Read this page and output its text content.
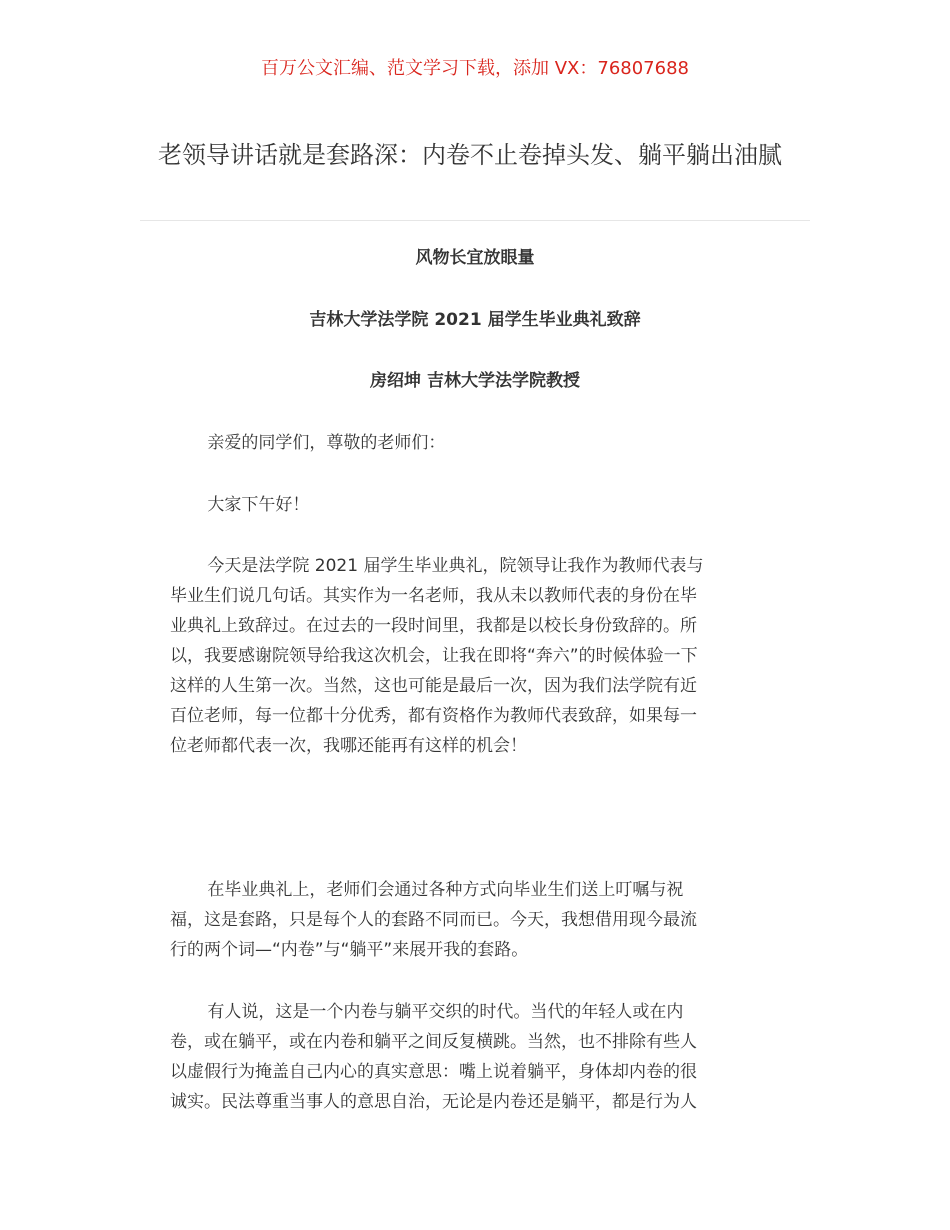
百万公文汇编、范文学习下载，添加 VX：76807688
老领导讲话就是套路深：内卷不止卷掉头发、躺平躺出油腻
风物长宜放眼量
吉林大学法学院 2021 届学生毕业典礼致辞
房绍坤 吉林大学法学院教授

亲爱的同学们，尊敬的老师们：

大家下午好！

今天是法学院 2021 届学生毕业典礼，院领导让我作为教师代表与
毕业生们说几句话。其实作为一名老师，我从未以教师代表的身份在毕
业典礼上致辞过。在过去的一段时间里，我都是以校长身份致辞的。所
以，我要感谢院领导给我这次机会，让我在即将“奔六”的时候体验一下
这样的人生第一次。当然，这也可能是最后一次，因为我们法学院有近
百位老师，每一位都十分优秀，都有资格作为教师代表致辞，如果每一
位老师都代表一次，我哪还能再有这样的机会！

在毕业典礼上，老师们会通过各种方式向毕业生们送上叮嘱与祝
福，这是套路，只是每个人的套路不同而已。今天，我想借用现今最流
行的两个词—“内卷”与“躺平”来展开我的套路。

有人说，这是一个内卷与躺平交织的时代。当代的年轻人或在内
卷，或在躺平，或在内卷和躺平之间反复横跳。当然，也不排除有些人
以虚假行为掩盖自己内心的真实意思：嘴上说着躺平，身体却内卷的很
诚实。民法尊重当事人的意思自治，无论是内卷还是躺平，都是行为人
